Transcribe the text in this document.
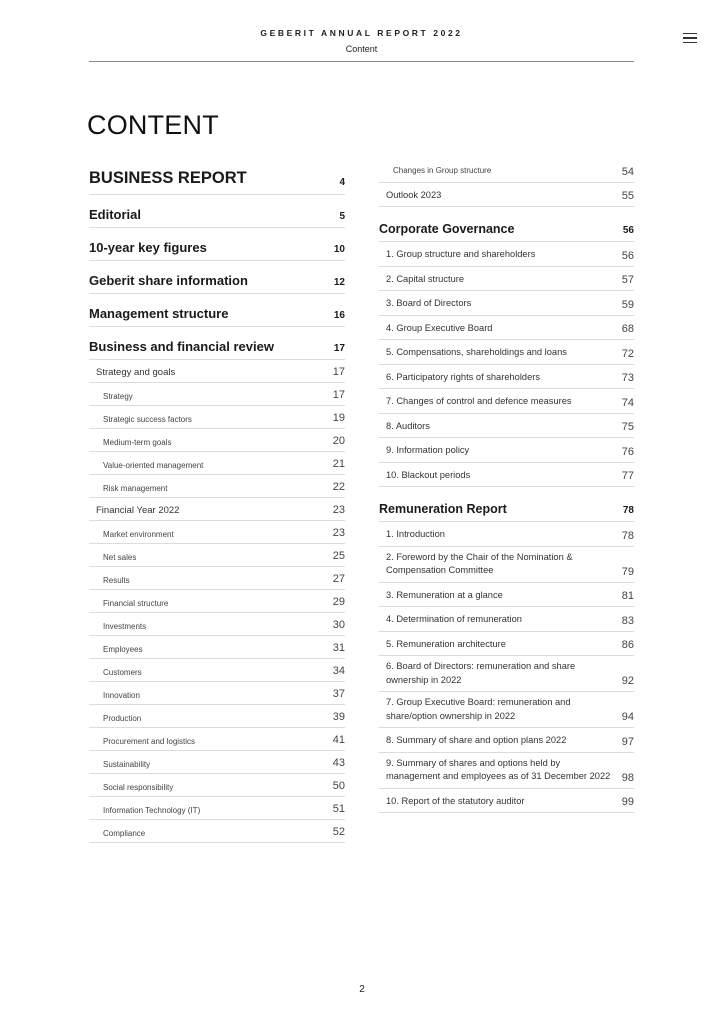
GEBERIT ANNUAL REPORT 2022
Content
CONTENT
BUSINESS REPORT	4
Editorial	5
10-year key figures	10
Geberit share information	12
Management structure	16
Business and financial review	17
Strategy and goals	17
Strategy	17
Strategic success factors	19
Medium-term goals	20
Value-oriented management	21
Risk management	22
Financial Year 2022	23
Market environment	23
Net sales	25
Results	27
Financial structure	29
Investments	30
Employees	31
Customers	34
Innovation	37
Production	39
Procurement and logistics	41
Sustainability	43
Social responsibility	50
Information Technology (IT)	51
Compliance	52
Changes in Group structure	54
Outlook 2023	55
Corporate Governance	56
1. Group structure and shareholders	56
2. Capital structure	57
3. Board of Directors	59
4. Group Executive Board	68
5. Compensations, shareholdings and loans	72
6. Participatory rights of shareholders	73
7. Changes of control and defence measures	74
8. Auditors	75
9. Information policy	76
10. Blackout periods	77
Remuneration Report	78
1. Introduction	78
2. Foreword by the Chair of the Nomination & Compensation Committee	79
3. Remuneration at a glance	81
4. Determination of remuneration	83
5. Remuneration architecture	86
6. Board of Directors: remuneration and share ownership in 2022	92
7. Group Executive Board: remuneration and share/option ownership in 2022	94
8. Summary of share and option plans 2022	97
9. Summary of shares and options held by management and employees as of 31 December 2022	98
10. Report of the statutory auditor	99
2
